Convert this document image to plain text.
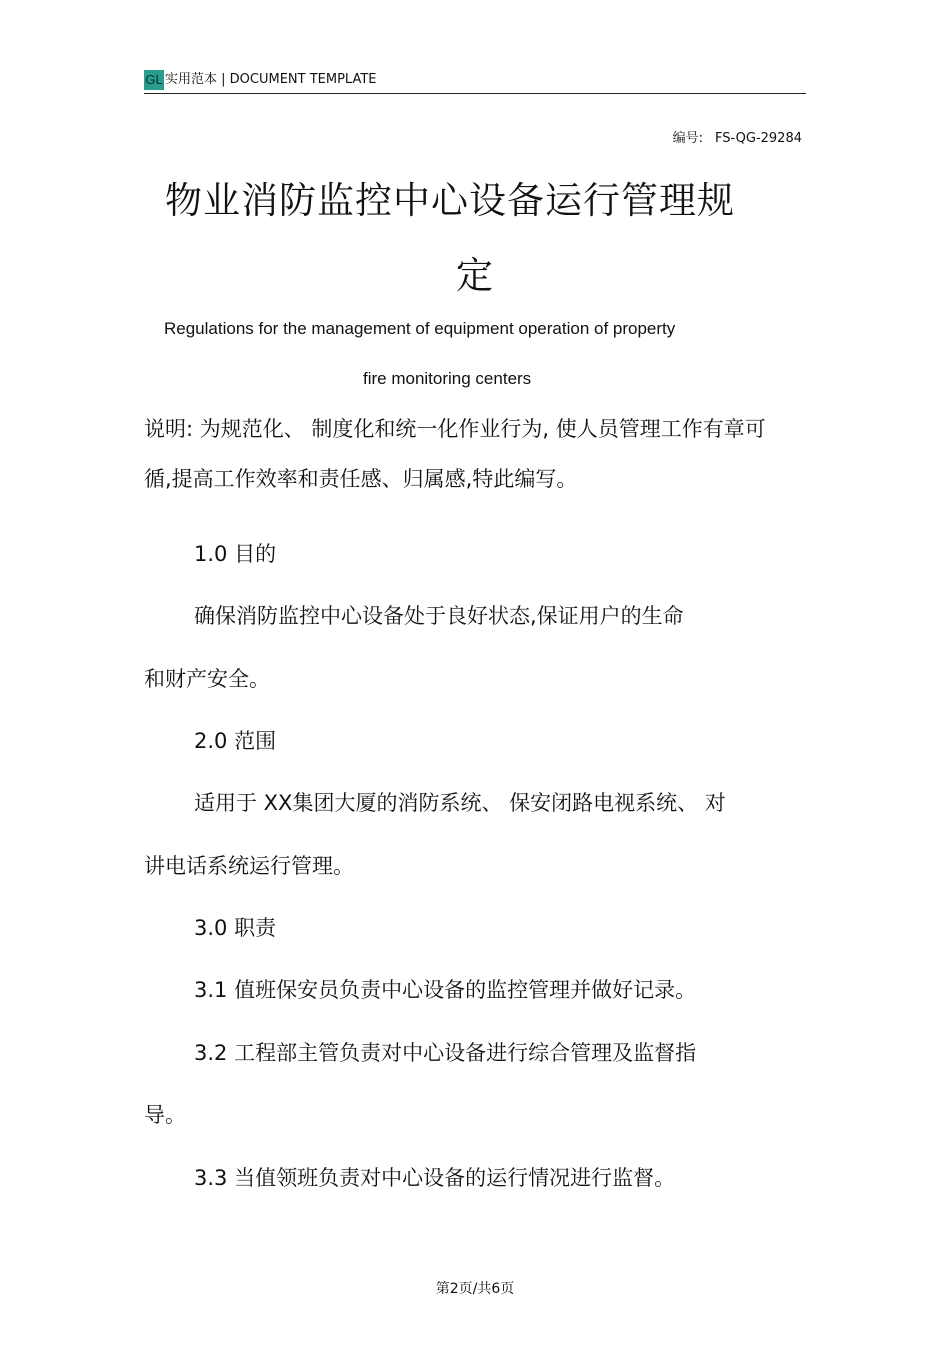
GL 实用范本 | DOCUMENT TEMPLATE
编号: FS-QG-29284
物业消防监控中心设备运行管理规
定
Regulations for the management of equipment operation of property
fire monitoring centers
说明: 为规范化、 制度化和统一化作业行为, 使人员管理工作有章可
循,提高工作效率和责任感、归属感,特此编写。
1.0 目的
确保消防监控中心设备处于良好状态,保证用户的生命
和财产安全。
2.0 范围
适用于 XX集团大厦的消防系统、 保安闭路电视系统、 对
讲电话系统运行管理。
3.0 职责
3.1 值班保安员负责中心设备的监控管理并做好记录。
3.2 工程部主管负责对中心设备进行综合管理及监督指
导。
3.3 当值领班负责对中心设备的运行情况进行监督。
第2页/共6页
